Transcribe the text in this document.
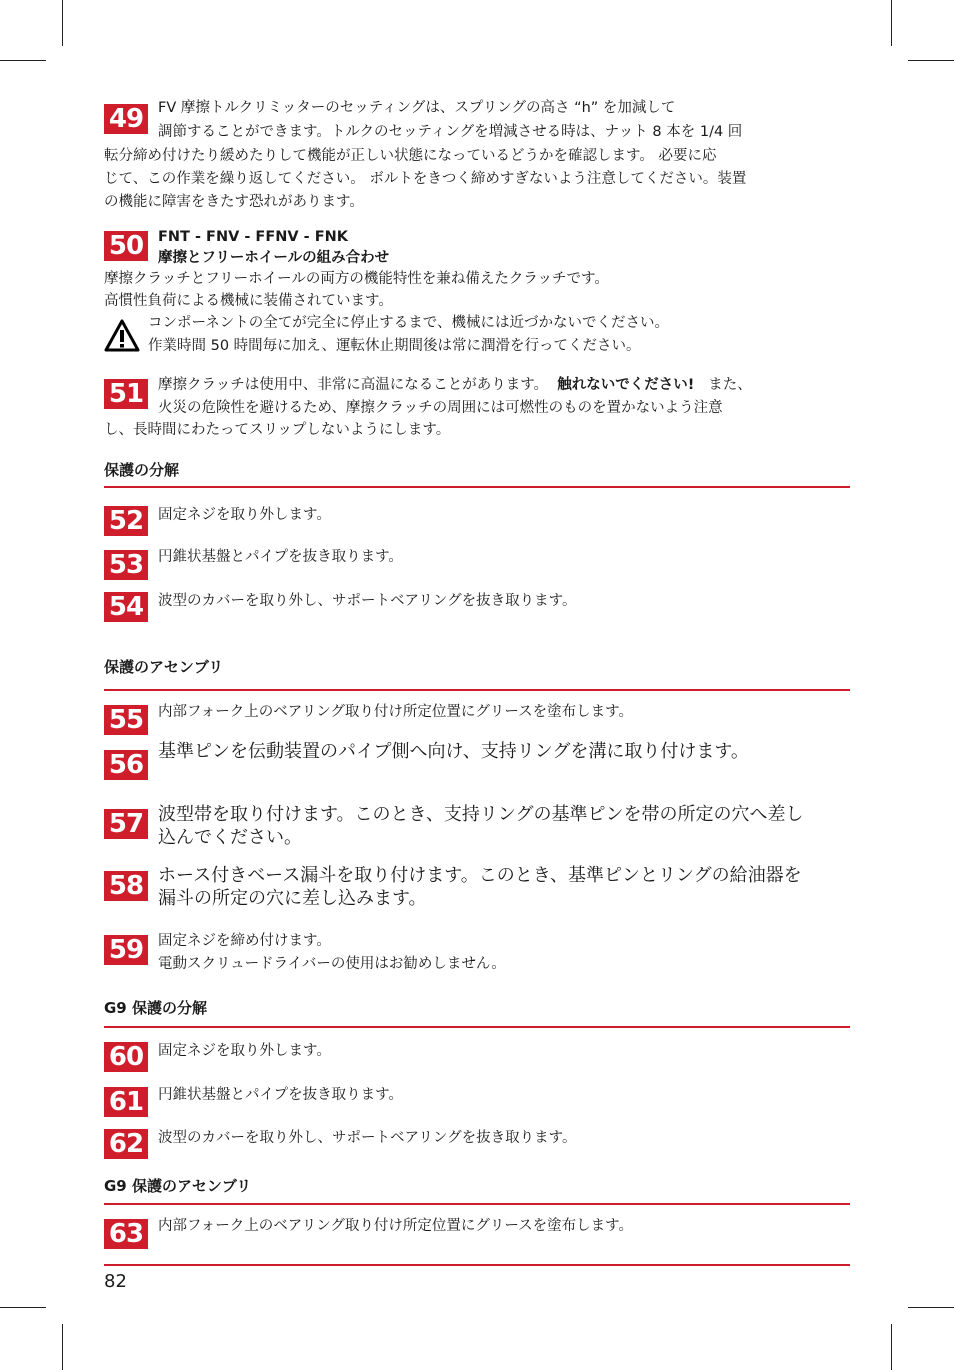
49	FV 摩擦トルクリミッターのセッティングは、スプリングの高さ “h” を加減して
調節することができます。トルクのセッティングを増減させる時は、ナット 8 本を 1/4 回
転分締め付けたり緩めたりして機能が正しい状態になっているどうかを確認します。 必要に応
じて、この作業を繰り返してください。 ボルトをきつく締めすぎないよう注意してください。装置
の機能に障害をきたす恐れがあります。
50	FNT - FNV - FFNV - FNK
摩擦とフリーホイールの組み合わせ
摩擦クラッチとフリーホイールの両方の機能特性を兼ね備えたクラッチです。
高慣性負荷による機械に装備されています。
コンポーネントの全てが完全に停止するまで、機械には近づかないでください。
作業時間 50 時間毎に加え、運転休止期間後は常に潤滑を行ってください。
51	摩擦クラッチは使用中、非常に高温になることがあります。 触れないでください! また、
火災の危険性を避けるため、摩擦クラッチの周囲には可燃性のものを置かないよう注意
し、長時間にわたってスリップしないようにします。
保護の分解
52	固定ネジを取り外します。
53	円錐状基盤とパイプを抜き取ります。
54	波型のカバーを取り外し、サポートベアリングを抜き取ります。
保護のアセンブリ
55	内部フォーク上のベアリング取り付け所定位置にグリースを塗布します。
56 基準ピンを伝動装置のパイプ側へ向け、支持リングを溝に取り付けます。
57 波型帯を取り付けます。このとき、支持リングの基準ピンを帯の所定の穴へ差し
込んでください。
58 ホース付きベース漏斗を取り付けます。このとき、基準ピンとリングの給油器を
漏斗の所定の穴に差し込みます。
59	固定ネジを締め付けます。
電動スクリュードライバーの使用はお勧めしません。
G9 保護の分解
60	固定ネジを取り外します。
61	円錐状基盤とパイプを抜き取ります。
62	波型のカバーを取り外し、サポートベアリングを抜き取ります。
G9 保護のアセンブリ
63	内部フォーク上のベアリング取り付け所定位置にグリースを塗布します。
82
